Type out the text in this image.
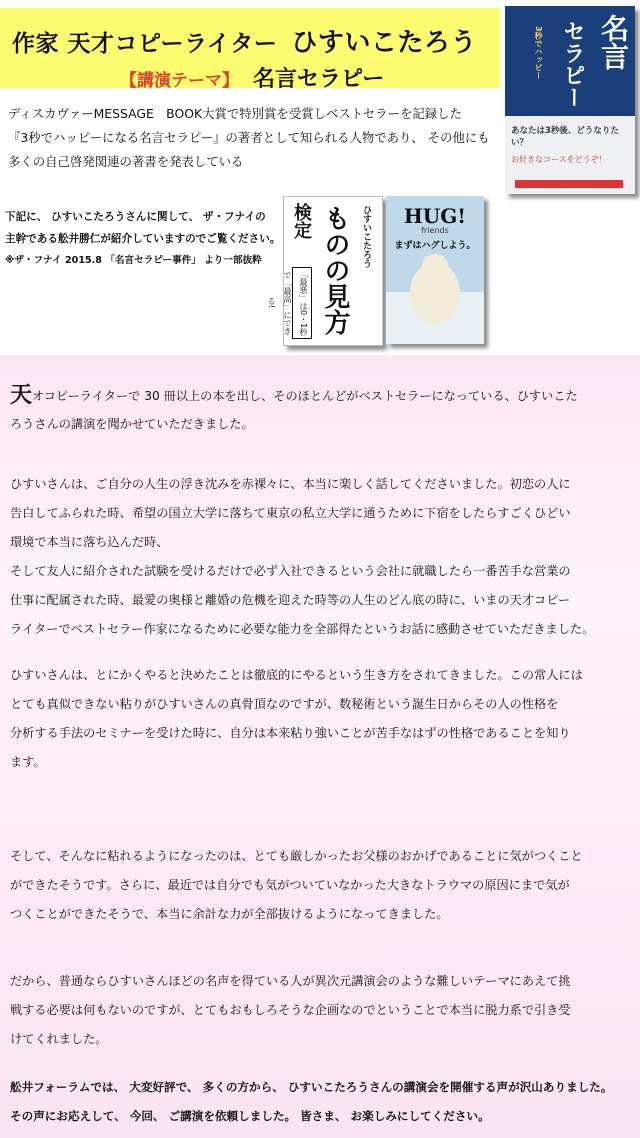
作家 天才コピーライター ひすいこたろう
【講演テーマ】 名言セラピー
ディスカヴァーMESSAGE　BOOK大賞で特別賞を受賞しベストセラーを記録した
『3秒でハッピーになる名言セラピー』の著者として知られる人物であり、 その他にも
多くの自己啓発関連の著書を発表している
下記に、 ひすいこたろうさんに関して、 ザ・フナイの
主幹である舩井勝仁が紹介していますのでご覧ください。
※ザ・フナイ 2015.8 「名言セラピー事件」 より一部抜粋
名言
セラピー
3秒でハッピー
あなたは3秒後、どうなりたい？
お好きなコースをどうぞ！
ひすいこたろう
ものの見方
検定
「最悪」は0・1秒で「最高」にできる!
HUG!
friends
まずはハグしよう。
天オコピーライターで 30 冊以上の本を出し、そのほとんどがベストセラーになっている、ひすいこた
ろうさんの講演を聞かせていただきました。
ひすいさんは、ご自分の人生の浮き沈みを赤裸々に、本当に楽しく話してくださいました。初恋の人に
告白してふられた時、希望の国立大学に落ちて東京の私立大学に通うために下宿をしたらすごくひどい
環境で本当に落ち込んだ時、
そして友人に紹介された試験を受けるだけで必ず入社できるという会社に就職したら一番苦手な営業の
仕事に配属された時、最愛の奥様と離婚の危機を迎えた時等の人生のどん底の時に、いまの天才コピー
ライターでベストセラー作家になるために必要な能力を全部得たというお話に感動させていただきました。
ひすいさんは、とにかくやると決めたことは徹底的にやるという生き方をされてきました。この常人には
とても真似できない粘りがひすいさんの真骨頂なのですが、数秘術という誕生日からその人の性格を
分析する手法のセミナーを受けた時に、自分は本来粘り強いことが苦手なはずの性格であることを知り
ます。
そして、そんなに粘れるようになったのは、とても厳しかったお父様のおかげであることに気がつくこと
ができたそうです。さらに、最近では自分でも気がついていなかった大きなトラウマの原因にまで気が
つくことができたそうで、本当に余計な力が全部抜けるようになってきました。
だから、普通ならひすいさんほどの名声を得ている人が異次元講演会のような難しいテーマにあえて挑
戦する必要は何もないのですが、とてもおもしろそうな企画なのでということで本当に脱力系で引き受
けてくれました。
舩井フォーラムでは、 大変好評で、 多くの方から、 ひすいこたろうさんの講演会を開催する声が沢山ありました。
その声にお応えして、 今回、 ご講演を依頼しました。 皆さま、 お楽しみにしてください。
